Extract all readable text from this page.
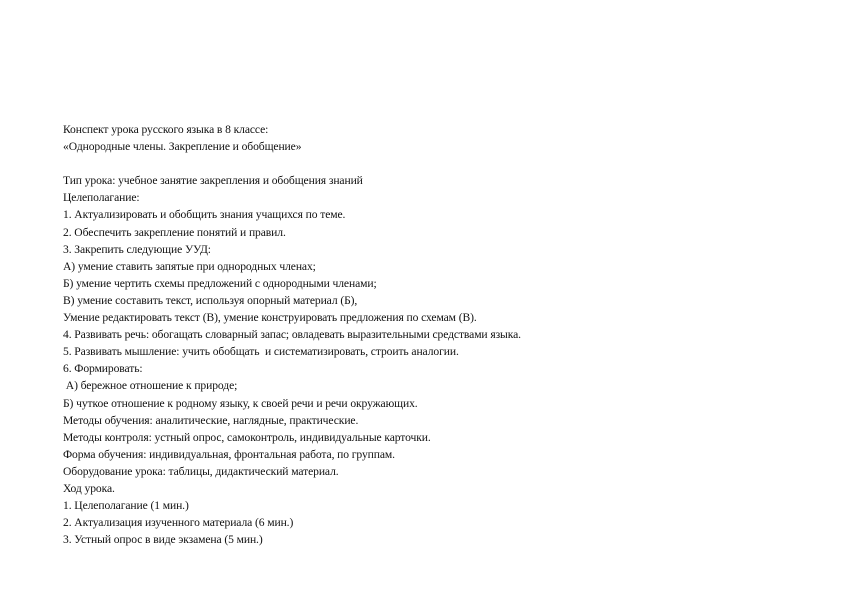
Конспект урока русского языка в 8 классе:
«Однородные члены. Закрепление и обобщение»
Тип урока: учебное занятие закрепления и обобщения знаний
Целеполагание:
1. Актуализировать и обобщить знания учащихся по теме.
2. Обеспечить закрепление понятий и правил.
3. Закрепить следующие УУД:
А) умение ставить запятые при однородных членах;
Б) умение чертить схемы предложений с однородными членами;
В) умение составить текст, используя опорный материал (Б),
Умение редактировать текст (В), умение конструировать предложения по схемам (В).
4. Развивать речь: обогащать словарный запас; овладевать выразительными средствами языка.
5. Развивать мышление: учить обобщать  и систематизировать, строить аналогии.
6. Формировать:
А) бережное отношение к природе;
Б) чуткое отношение к родному языку, к своей речи и речи окружающих.
Методы обучения: аналитические, наглядные, практические.
Методы контроля: устный опрос, самоконтроль, индивидуальные карточки.
Форма обучения: индивидуальная, фронтальная работа, по группам.
Оборудование урока: таблицы, дидактический материал.
Ход урока.
1. Целеполагание (1 мин.)
2. Актуализация изученного материала (6 мин.)
3. Устный опрос в виде экзамена (5 мин.)
